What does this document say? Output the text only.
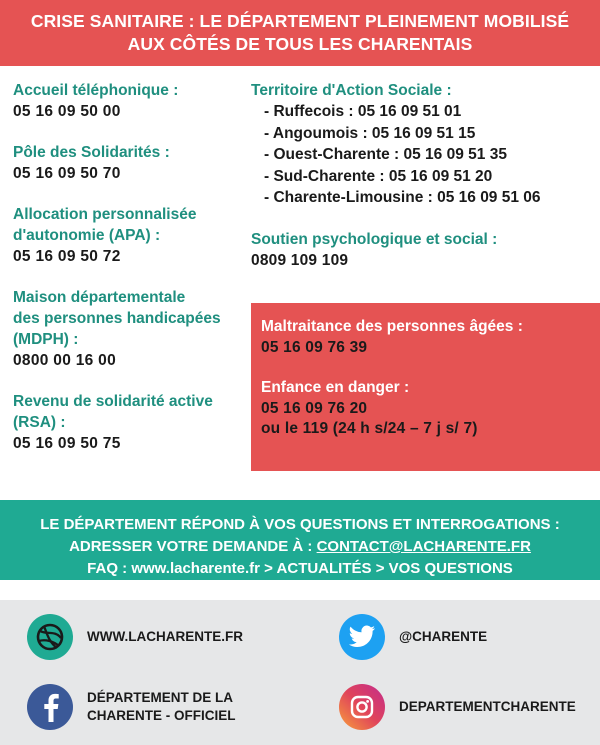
CRISE SANITAIRE : LE DÉPARTEMENT PLEINEMENT MOBILISÉ
AUX CÔTÉS DE TOUS LES CHARENTAIS
Accueil téléphonique :
05 16 09 50 00
Pôle des Solidarités :
05 16 09 50 70
Allocation personnalisée
d'autonomie (APA) :
05 16 09 50 72
Maison départementale
des personnes handicapées
(MDPH) :
0800 00 16 00
Revenu de solidarité active
(RSA) :
05 16 09 50 75
Territoire d'Action Sociale :
- Ruffecois : 05 16 09 51 01
- Angoumois : 05 16 09 51 15
- Ouest-Charente : 05 16 09 51 35
- Sud-Charente : 05 16 09 51 20
- Charente-Limousine : 05 16 09 51 06
Soutien psychologique et social :
0809 109 109
Maltraitance des personnes âgées :
05 16 09 76 39
Enfance en danger :
05 16 09 76 20
ou le 119 (24 h s/24 – 7 j s/ 7)
LE DÉPARTEMENT RÉPOND À VOS QUESTIONS ET INTERROGATIONS :
ADRESSER VOTRE DEMANDE À : CONTACT@LACHARENTE.FR
FAQ : www.lacharente.fr > ACTUALITÉS > VOS QUESTIONS
WWW.LACHARENTE.FR	@CHARENTE
DÉPARTEMENT DE LA
CHARENTE - OFFICIEL
DEPARTEMENTCHARENTE
